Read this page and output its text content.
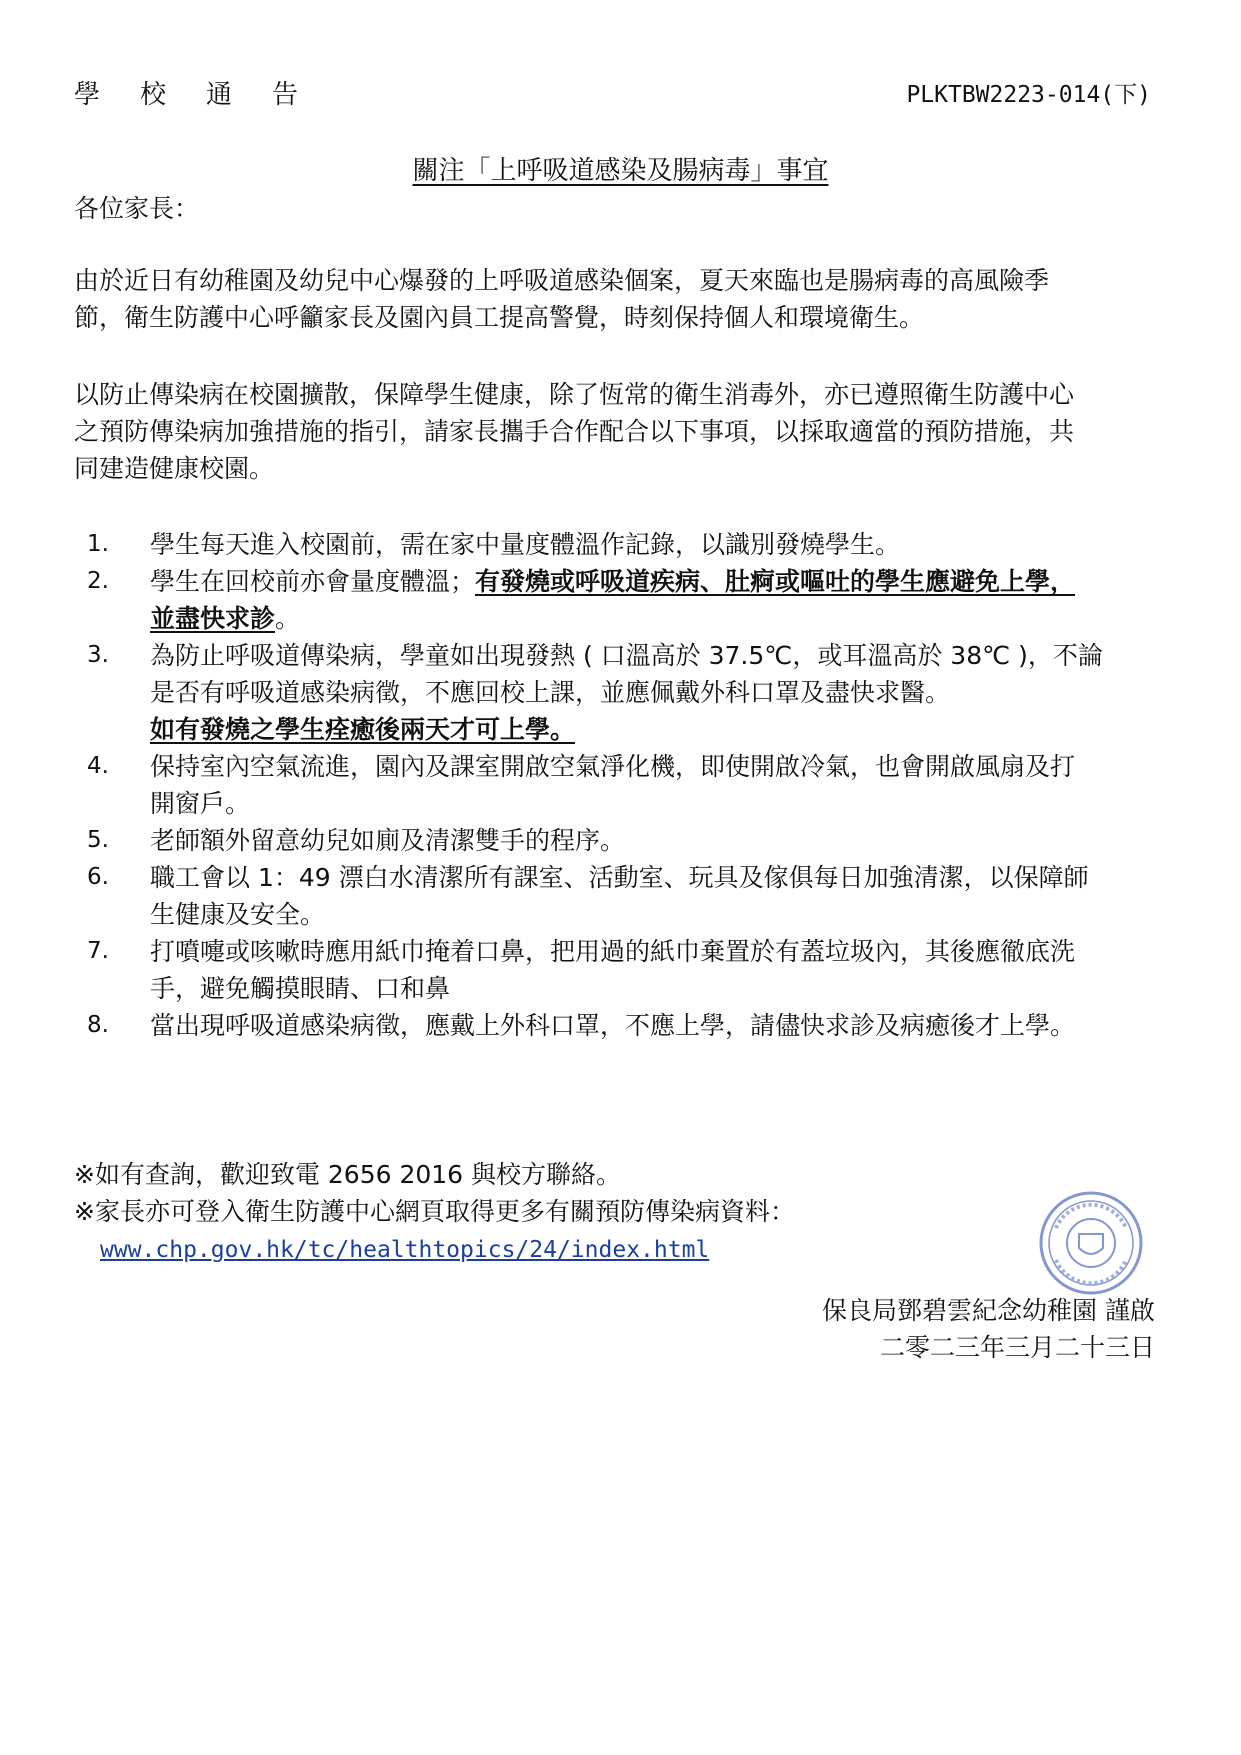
學校通告	PLKTBW2223-014(下)
關注「上呼吸道感染及腸病毒」事宜
各位家長：
由於近日有幼稚園及幼兒中心爆發的上呼吸道感染個案，夏天來臨也是腸病毒的高風險季
節，衛生防護中心呼籲家長及園內員工提高警覺，時刻保持個人和環境衛生。
以防止傳染病在校園擴散，保障學生健康，除了恆常的衛生消毒外，亦已遵照衛生防護中心
之預防傳染病加強措施的指引，請家長攜手合作配合以下事項，以採取適當的預防措施，共
同建造健康校園。
1. 學生每天進入校園前，需在家中量度體溫作記錄，以識別發燒學生。
2. 學生在回校前亦會量度體溫；有發燒或呼吸道疾病、肚痾或嘔吐的學生應避免上學，
並盡快求診。
3. 為防止呼吸道傳染病，學童如出現發熱 ( 口溫高於 37.5℃，或耳溫高於 38℃ )，不論
是否有呼吸道感染病徵，不應回校上課，並應佩戴外科口罩及盡快求醫。
如有發燒之學生痊癒後兩天才可上學。
4. 保持室內空氣流進，園內及課室開啟空氣淨化機，即使開啟冷氣，也會開啟風扇及打
開窗戶。
5. 老師額外留意幼兒如廁及清潔雙手的程序。
6. 職工會以 1：49 漂白水清潔所有課室、活動室、玩具及傢俱每日加強清潔，以保障師
生健康及安全。
7. 打噴嚏或咳嗽時應用紙巾掩着口鼻，把用過的紙巾棄置於有蓋垃圾內，其後應徹底洗
手，避免觸摸眼睛、口和鼻
8. 當出現呼吸道感染病徵，應戴上外科口罩，不應上學，請儘快求診及病癒後才上學。
※如有查詢，歡迎致電 2656 2016 與校方聯絡。
※家長亦可登入衛生防護中心網頁取得更多有關預防傳染病資料：
www.chp.gov.hk/tc/healthtopics/24/index.html
保良局鄧碧雲紀念幼稚園 謹啟
二零二三年三月二十三日
